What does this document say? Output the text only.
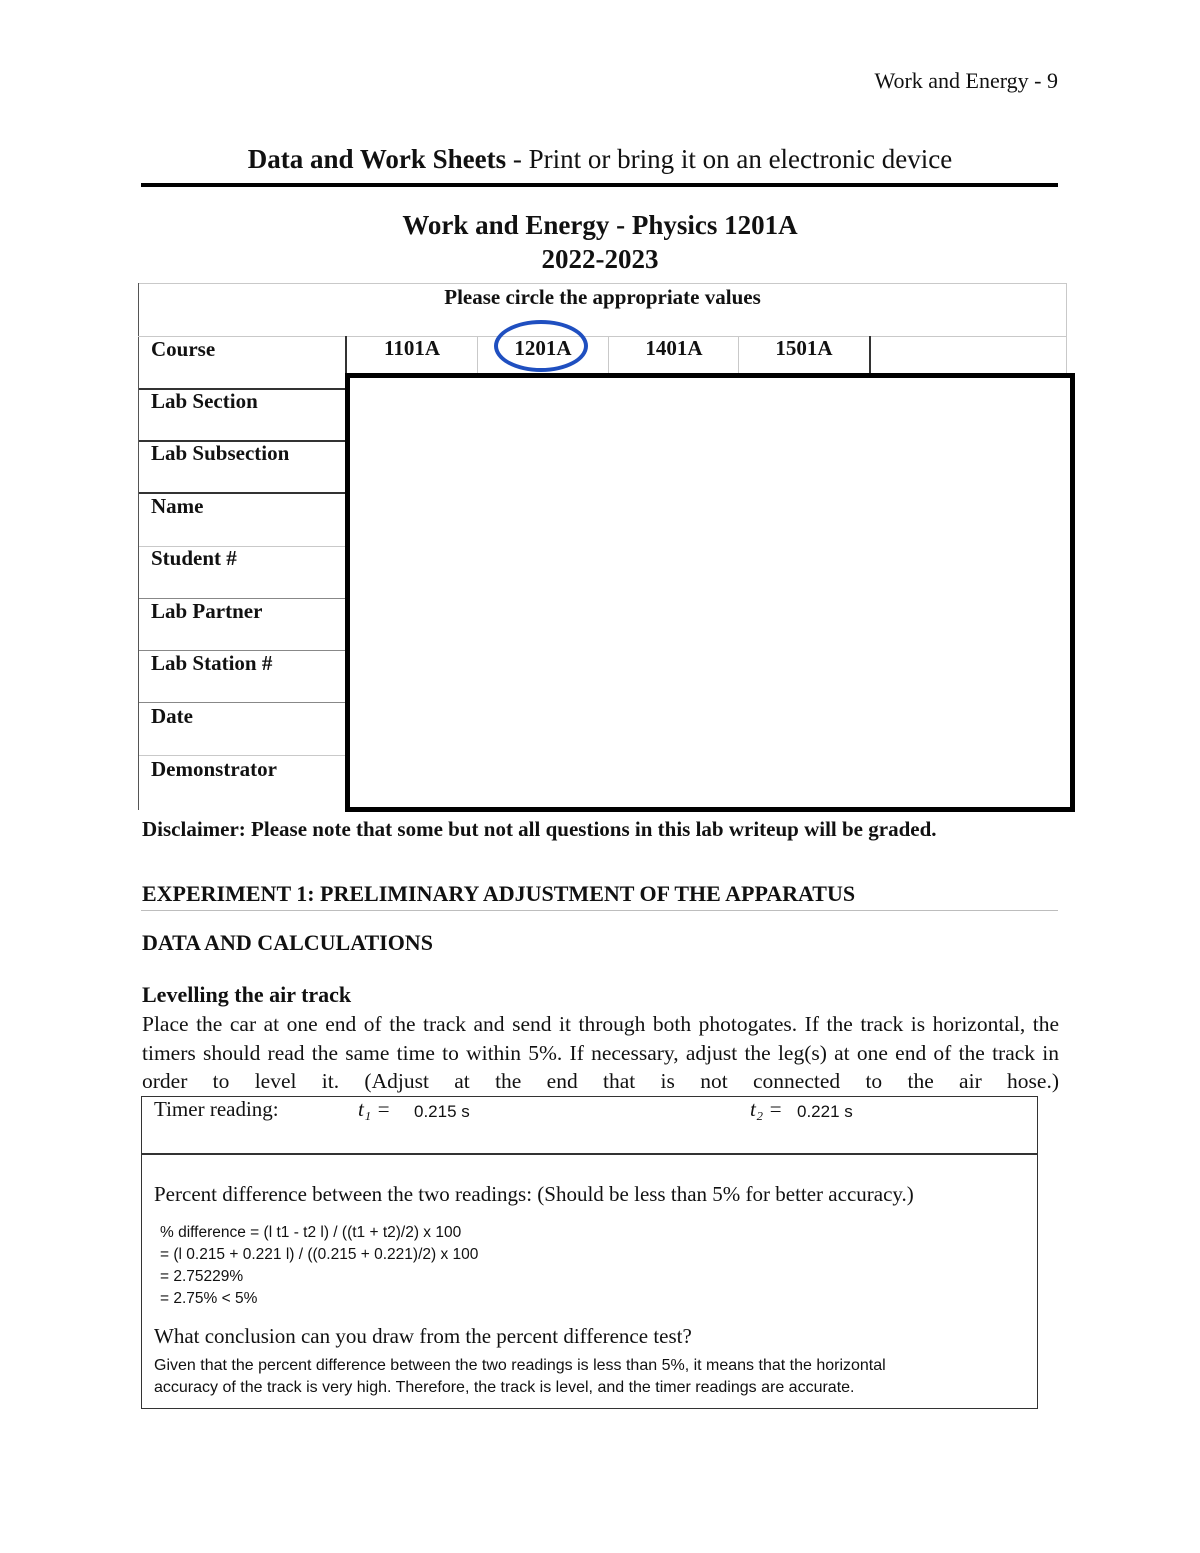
Work and Energy - 9
Data and Work Sheets - Print or bring it on an electronic device
Work and Energy - Physics 1201A
2022-2023
Please circle the appropriate values
Course	1101A	1201A	1401A	1501A
Lab Section
Lab Subsection
Name
Student #
Lab Partner
Lab Station #
Date
Demonstrator
Disclaimer: Please note that some but not all questions in this lab writeup will be graded.
EXPERIMENT 1: PRELIMINARY ADJUSTMENT OF THE APPARATUS
DATA AND CALCULATIONS
Levelling the air track
Place the car at one end of the track and send it through both photogates. If the track is horizontal, the timers should read the same time to within 5%. If necessary, adjust the leg(s) at one end of the track in order to level it. (Adjust at the end that is not connected to the air hose.)
Timer reading:	t₁ = 0.215 s	t₂ = 0.221 s
Percent difference between the two readings: (Should be less than 5% for better accuracy.)
% difference = (l t1 - t2 l) / ((t1 + t2)/2) x 100
= (l 0.215 + 0.221 l) / ((0.215 + 0.221)/2) x 100
= 2.75229%
= 2.75% < 5%
What conclusion can you draw from the percent difference test?
Given that the percent difference between the two readings is less than 5%, it means that the horizontal
accuracy of the track is very high. Therefore, the track is level, and the timer readings are accurate.
